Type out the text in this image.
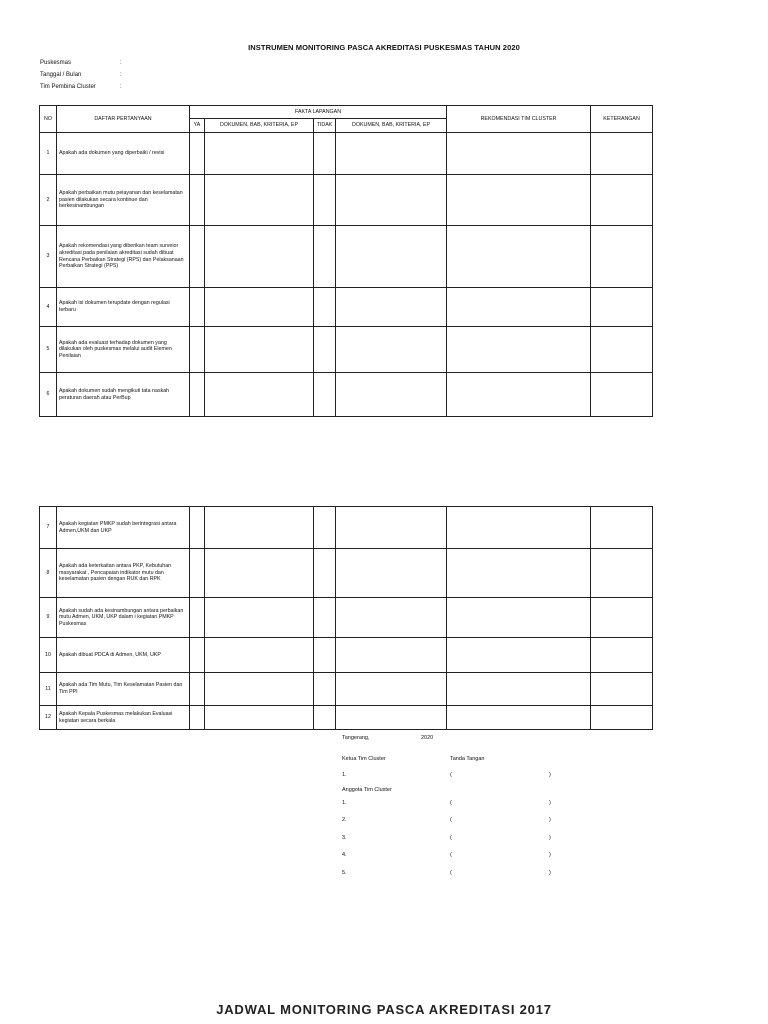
INSTRUMEN MONITORING PASCA AKREDITASI PUSKESMAS TAHUN 2020
Puskesmas	:
Tanggal / Bulan	:
Tim Pembina Cluster	:
NO	DAFTAR PERTANYAAN	FAKTA LAPANGAN				REKOMENDASI TIM CLUSTER	KETERANGAN
		YA	DOKUMEN, BAB, KRITERIA, EP	TIDAK	DOKUMEN, BAB, KRITERIA, EP		
1	Apakah ada dokumen yang diperbaiki / revisi						
2	Apakah perbaikan mutu pelayanan dan keselamatan pasien dilakukan secara kontinue dan berkesinambungan						
3	Apakah rekomendasi yang diberikan team surveior akreditasi pada penilaian akreditasi sudah dibuat Rencana Perbaikan Strategi (RPS) dan Pelaksanaan Perbaikan Strategi (PPS)						
4	Apakah isi dokumen terupdate dengan regulasi terbaru						
5	Apakah ada evaluasi terhadap dokumen yang dilakukan oleh puskesmas melalui audit Elemen Penilaian						
6	Apakah dokumen sudah mengikuti tata naskah peraturan daerah atau PerBup						
7	Apakah kegiatan PMKP sudah berintegrasi antara Admen,UKM dan UKP						
8	Apakah ada keterkaitan antara PKP, Kebutuhan masyarakat , Pencapaian indikator mutu dan keselamatan pasien dengan RUK dan RPK						
9	Apakah sudah ada kesinambungan antara perbaikan mutu Admen, UKM, UKP dalam i kegiatan PMKP Puskesmas						
10	Apakah dibuat PDCA di Admen, UKM, UKP						
11	Apakah ada Tim Mutu, Tim Keselamatan Pasien dan Tim PPI						
12	Apakah Kepala Puskesmas melakukan Evaluasi kegiatan secara berkala						
Tangerang,	2020
Ketua Tim Cluster	Tanda Tangan
1.	(	)
Anggota Tim Cluster
1.	(	)
2.	(	)
3.	(	)
4.	(	)
5.	(	)
JADWAL MONITORING PASCA AKREDITASI 2017
